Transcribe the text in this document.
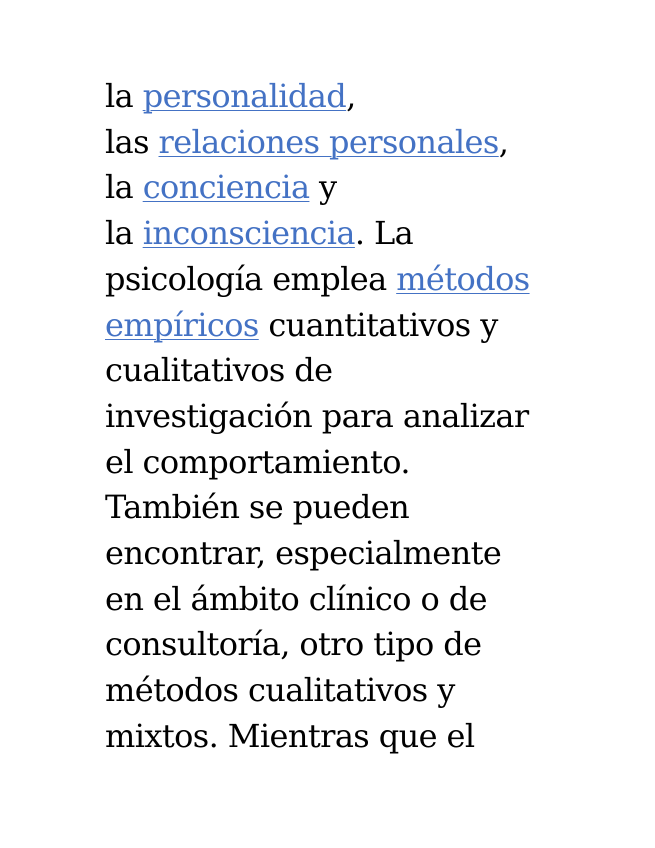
la personalidad,
las relaciones personales,
la conciencia y
la inconsciencia. La
psicología emplea métodos
empíricos cuantitativos y
cualitativos de
investigación para analizar
el comportamiento.
También se pueden
encontrar, especialmente
en el ámbito clínico o de
consultoría, otro tipo de
métodos cualitativos y
mixtos. Mientras que el
